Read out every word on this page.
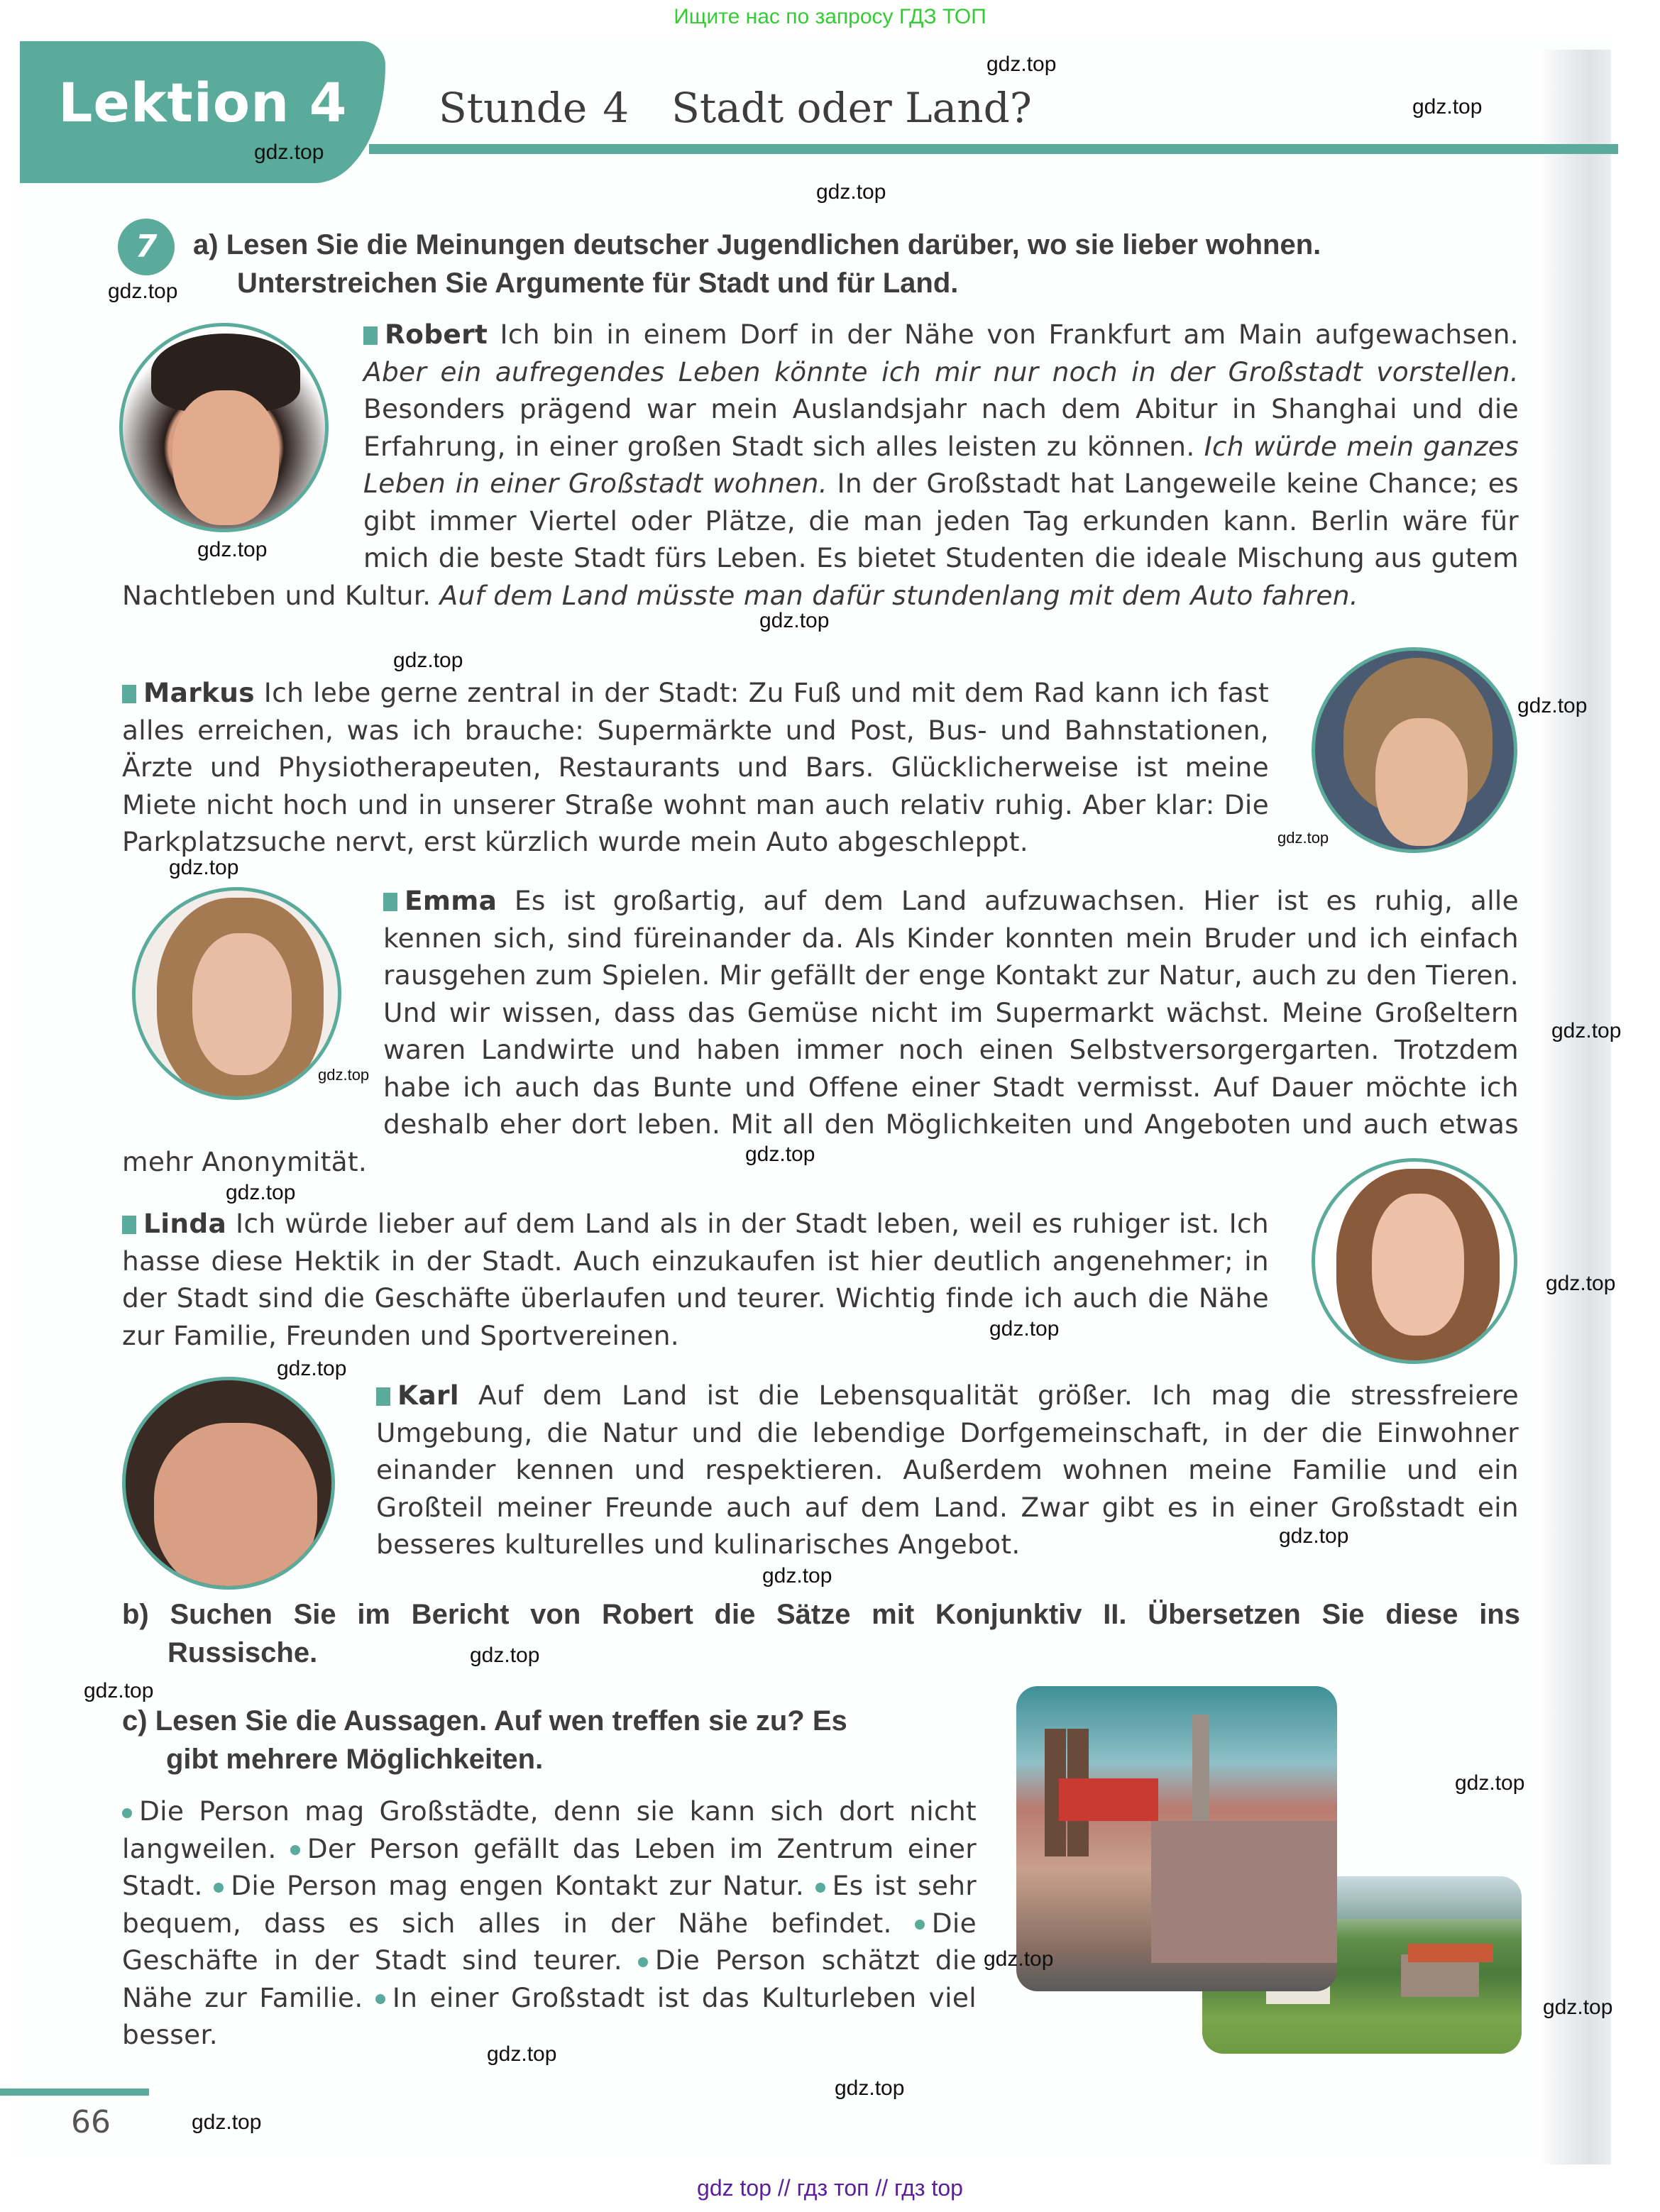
Ищите нас по запросу ГДЗ ТОП
Lektion 4 Stunde 4 Stadt oder Land?
7	a) Lesen Sie die Meinungen deutscher Jugendlichen darüber, wo sie lieber wohnen.
Unterstreichen Sie Argumente für Stadt und für Land.
Robert Ich bin in einem Dorf in der Nähe von Frankfurt am Main aufgewachsen. Aber ein aufregendes Leben könnte ich mir nur noch in der Großstadt vorstellen. Besonders prägend war mein Auslandsjahr nach dem Abitur in Shanghai und die Erfahrung, in einer großen Stadt sich alles leisten zu können. Ich würde mein ganzes Leben in einer Großstadt wohnen. In der Großstadt hat Langeweile keine Chance; es gibt immer Viertel oder Plätze, die man jeden Tag erkunden kann. Berlin wäre für mich die beste Stadt fürs Leben. Es bietet Studenten die ideale Mischung aus gutem Nachtleben und Kultur. Auf dem Land müsste man dafür stundenlang mit dem Auto fahren.
Markus Ich lebe gerne zentral in der Stadt: Zu Fuß und mit dem Rad kann ich fast alles erreichen, was ich brauche: Supermärkte und Post, Bus- und Bahnstationen, Ärzte und Physiotherapeuten, Restaurants und Bars. Glücklicherweise ist meine Miete nicht hoch und in unserer Straße wohnt man auch relativ ruhig. Aber klar: Die Parkplatzsuche nervt, erst kürzlich wurde mein Auto abgeschleppt.
Emma Es ist großartig, auf dem Land aufzuwachsen. Hier ist es ruhig, alle kennen sich, sind füreinander da. Als Kinder konnten mein Bruder und ich einfach rausgehen zum Spielen. Mir gefällt der enge Kontakt zur Natur, auch zu den Tieren. Und wir wissen, dass das Gemüse nicht im Supermarkt wächst. Meine Großeltern waren Landwirte und haben immer noch einen Selbstversorgergarten. Trotzdem habe ich auch das Bunte und Offene einer Stadt vermisst. Auf Dauer möchte ich deshalb eher dort leben. Mit all den Möglichkeiten und Angeboten und auch etwas mehr Anonymität.
Linda Ich würde lieber auf dem Land als in der Stadt leben, weil es ruhiger ist. Ich hasse diese Hektik in der Stadt. Auch einzukaufen ist hier deutlich angenehmer; in der Stadt sind die Geschäfte überlaufen und teurer. Wichtig finde ich auch die Nähe zur Familie, Freunden und Sportvereinen.
Karl Auf dem Land ist die Lebensqualität größer. Ich mag die stressfreiere Umgebung, die Natur und die lebendige Dorfgemeinschaft, in der die Einwohner einander kennen und respektieren. Außerdem wohnen meine Familie und ein Großteil meiner Freunde auch auf dem Land. Zwar gibt es in einer Großstadt ein besseres kulturelles und kulinarisches Angebot.
b) Suchen Sie im Bericht von Robert die Sätze mit Konjunktiv II. Übersetzen Sie diese ins
Russische.
c) Lesen Sie die Aussagen. Auf wen treffen sie zu? Es
gibt mehrere Möglichkeiten.
Die Person mag Großstädte, denn sie kann sich dort nicht langweilen. Der Person gefällt das Leben im Zentrum einer Stadt. Die Person mag engen Kontakt zur Natur. Es ist sehr bequem, dass es sich alles in der Nähe befindet. Die Geschäfte in der Stadt sind teurer. Die Person schätzt die Nähe zur Familie. In einer Großstadt ist das Kulturleben viel besser.
gdz.top
gdz.top
gdz.top
gdz.top
gdz.top
gdz.top
gdz.top
gdz.top
gdz.top
gdz.top
gdz.top
gdz.top
gdz.top
gdz.top
gdz.top
gdz.top
gdz.top
gdz.top
gdz.top
gdz.top
gdz.top
gdz.top
gdz.top
gdz.top
gdz.top
gdz.top
gdz.top
gdz.top
66
gdz top // гдз топ // гдз top
